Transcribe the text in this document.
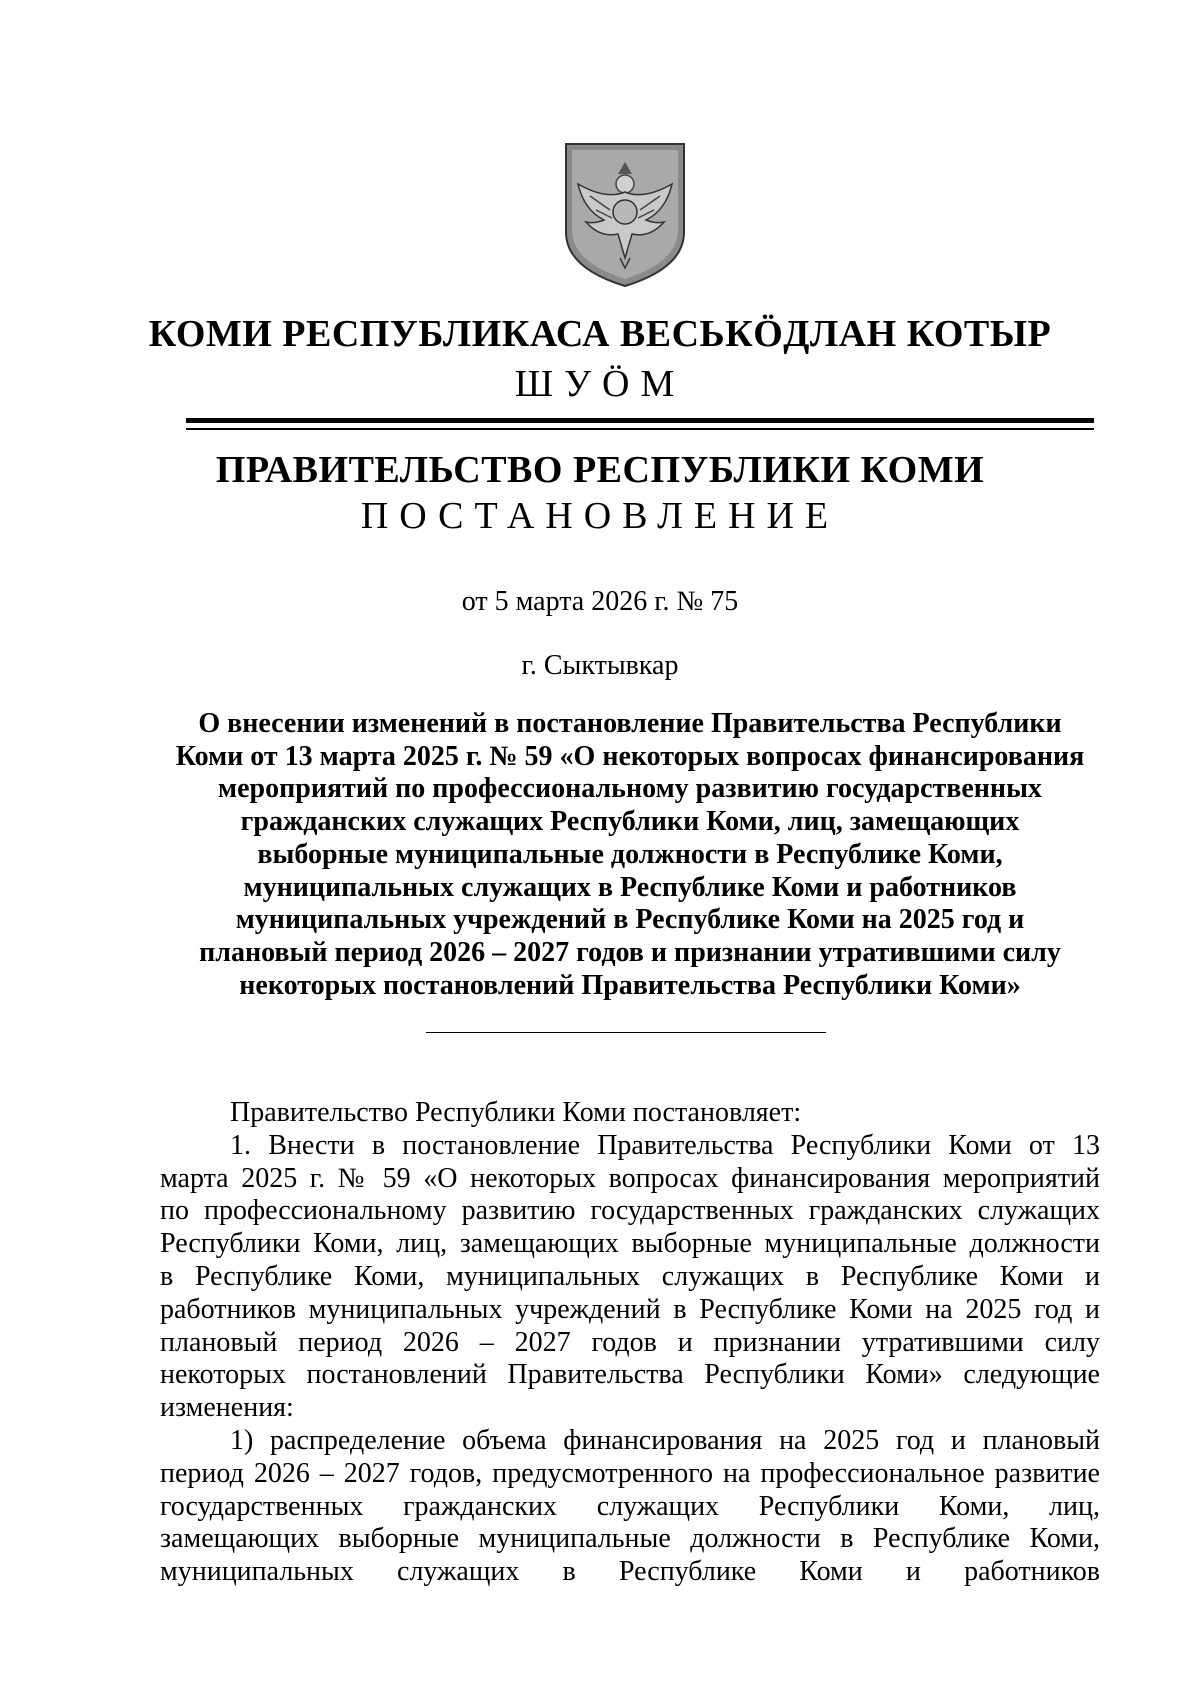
КОМИ РЕСПУБЛИКАСА ВЕСЬКӦДЛАН КОТЫР
ШУӦМ
ПРАВИТЕЛЬСТВО РЕСПУБЛИКИ КОМИ
ПОСТАНОВЛЕНИЕ
от 5 марта 2026 г. № 75
г. Сыктывкар
О внесении изменений в постановление Правительства Республики
Коми от 13 марта 2025 г. № 59 «О некоторых вопросах финансирования
мероприятий по профессиональному развитию государственных
гражданских служащих Республики Коми, лиц, замещающих
выборные муниципальные должности в Республике Коми,
муниципальных служащих в Республике Коми и работников
муниципальных учреждений в Республике Коми на 2025 год и
плановый период 2026 – 2027 годов и признании утратившими силу
некоторых постановлений Правительства Республики Коми»
Правительство Республики Коми постановляет:
1. Внести в постановление Правительства Республики Коми от 13
марта 2025 г. № 59 «О некоторых вопросах финансирования мероприятий
по профессиональному развитию государственных гражданских служащих
Республики Коми, лиц, замещающих выборные муниципальные должности
в Республике Коми, муниципальных служащих в Республике Коми и
работников муниципальных учреждений в Республике Коми на 2025 год и
плановый период 2026 – 2027 годов и признании утратившими силу
некоторых постановлений Правительства Республики Коми» следующие
изменения:
1) распределение объема финансирования на 2025 год и плановый
период 2026 – 2027 годов, предусмотренного на профессиональное развитие
государственных гражданских служащих Республики Коми, лиц,
замещающих выборные муниципальные должности в Республике Коми,
муниципальных служащих в Республике Коми и работников
